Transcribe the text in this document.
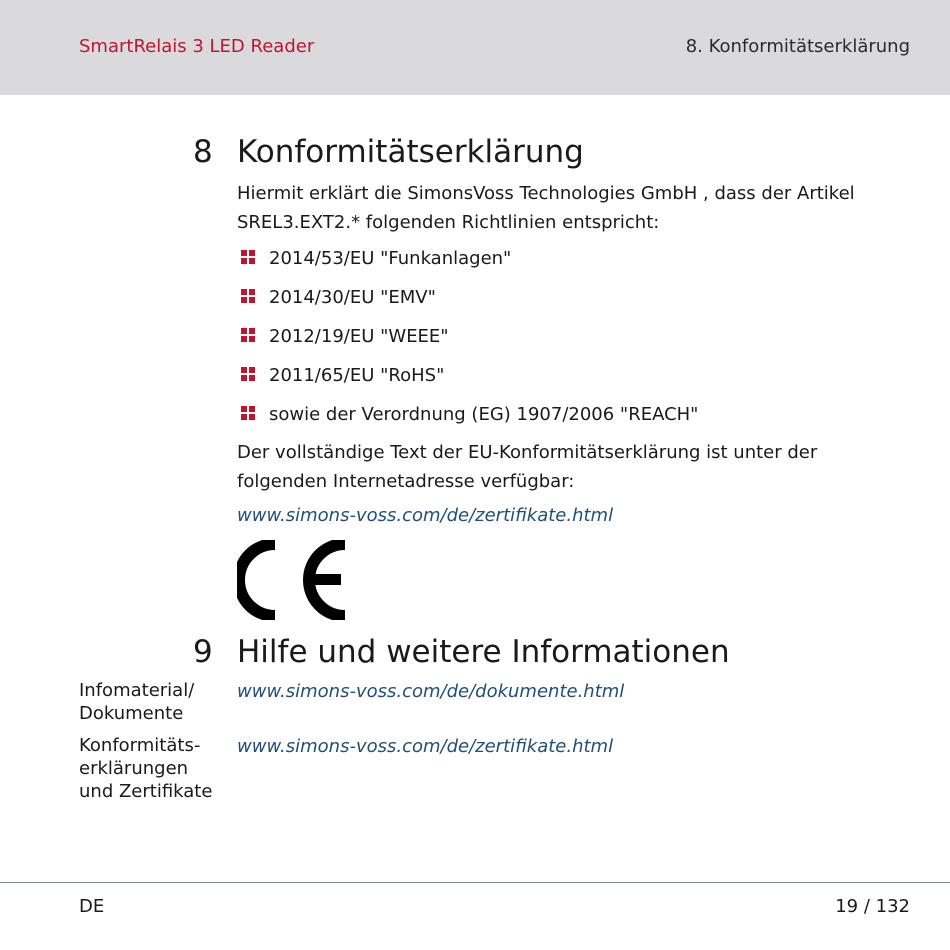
SmartRelais 3 LED Reader	8. Konformitätserklärung
8 Konformitätserklärung
Hiermit erklärt die SimonsVoss Technologies GmbH , dass der Artikel SREL3.EXT2.* folgenden Richtlinien entspricht:
2014/53/EU "Funkanlagen"
2014/30/EU "EMV"
2012/19/EU "WEEE"
2011/65/EU "RoHS"
sowie der Verordnung (EG) 1907/2006 "REACH"
Der vollständige Text der EU-Konformitätserklärung ist unter der folgenden Internetadresse verfügbar:
www.simons-voss.com/de/zertifikate.html
9 Hilfe und weitere Informationen
Infomaterial/ Dokumente
www.simons-voss.com/de/dokumente.html
Konformitätserklärungen und Zertifikate
www.simons-voss.com/de/zertifikate.html
DE	19 / 132
